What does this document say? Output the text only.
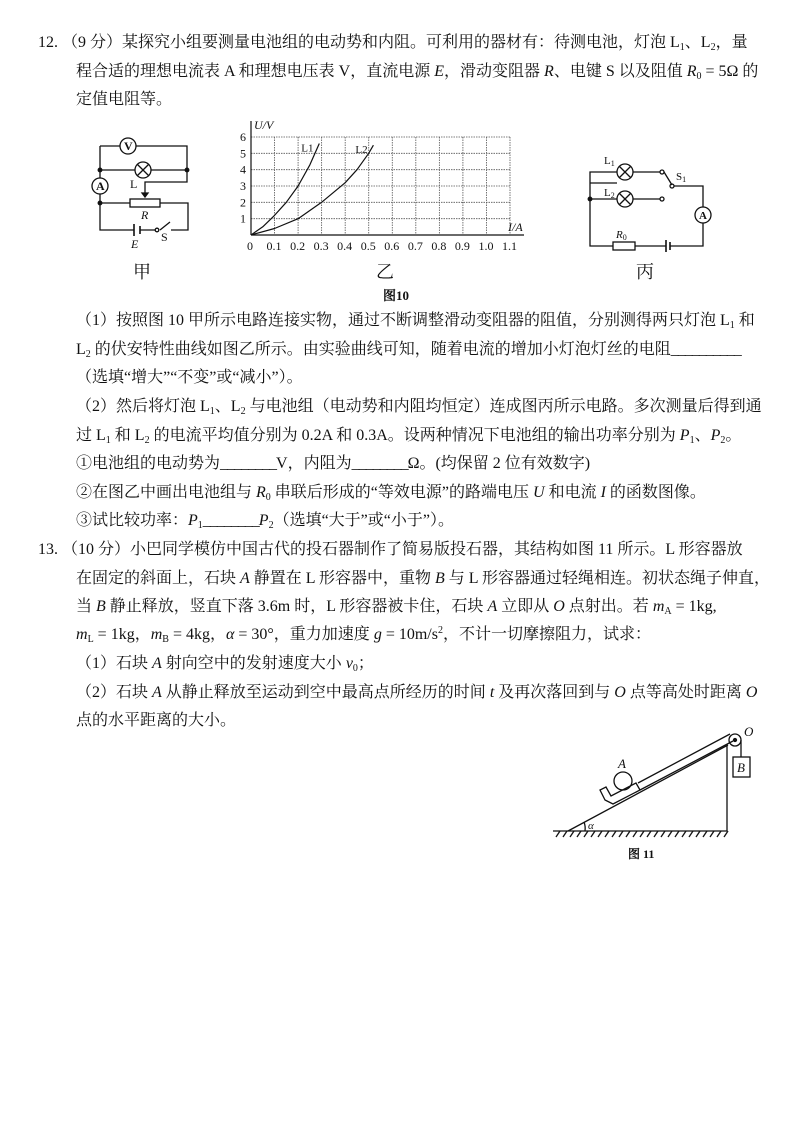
12. （9 分）某探究小组要测量电池组的电动势和内阻。可利用的器材有：待测电池，灯泡 $L_1$、$L_2$，量
程合适的理想电流表 A 和理想电压表 V，直流电源 E，滑动变阻器 R、电键 S 以及阻值 $R_0 = 5\Omega$ 的
定值电阻等。
（1）按照图 10 甲所示电路连接实物，通过不断调整滑动变阻器的阻值，分别测得两只灯泡 $L_1$ 和
$L_2$ 的伏安特性曲线如图乙所示。由实验曲线可知，随着电流的增加小灯泡灯丝的电阻__________
（选填“增大”“不变”或“减小”）。
（2）然后将灯泡 $L_1$、$L_2$ 与电池组（电动势和内阻均恒定）连成图丙所示电路。多次测量后得到通
过 $L_1$ 和 $L_2$ 的电流平均值分别为 0.2A 和 0.3A。设两种情况下电池组的输出功率分别为 $P_1$、$P_2$。
①电池组的电动势为________V，内阻为________Ω。(均保留 2 位有效数字)
②在图乙中画出电池组与 $R_0$ 串联后形成的“等效电源”的路端电压 U 和电流 I 的函数图像。
③试比较功率：$P_1\_\_\_\_\_\_\_\_P_2$（选填“大于”或“小于”）。
V
A L
R
E S
0 0.1 0.2 0.3 0.4 0.5 0.6 0.7 0.8 0.9 1.0 1.1
1
2
3
4
5
6
I/A
U/V
L1	L2
L1
L2
S1
A
R0
甲	乙	丙
图10
13. （10 分）小巴同学模仿中国古代的投石器制作了简易版投石器，其结构如图 11 所示。L 形容器放
在固定的斜面上，石块 A 静置在 L 形容器中，重物 B 与 L 形容器通过轻绳相连。初状态绳子伸直，
当 B 静止释放，竖直下落 3.6m 时，L 形容器被卡住，石块 A 立即从 O 点射出。若 $m_A = 1kg$,
$m_L = 1kg$，$m_B = 4kg$，α = 30°，重力加速度 $g = 10m/s^2$，不计一切摩擦阻力，试求：
（1）石块 A 射向空中的发射速度大小 $v_0$；
（2）石块 A 从静止释放至运动到空中最高点所经历的时间 t 及再次落回到与 O 点等高处时距离 O
点的水平距离的大小。
A	B
O
α
图 11
